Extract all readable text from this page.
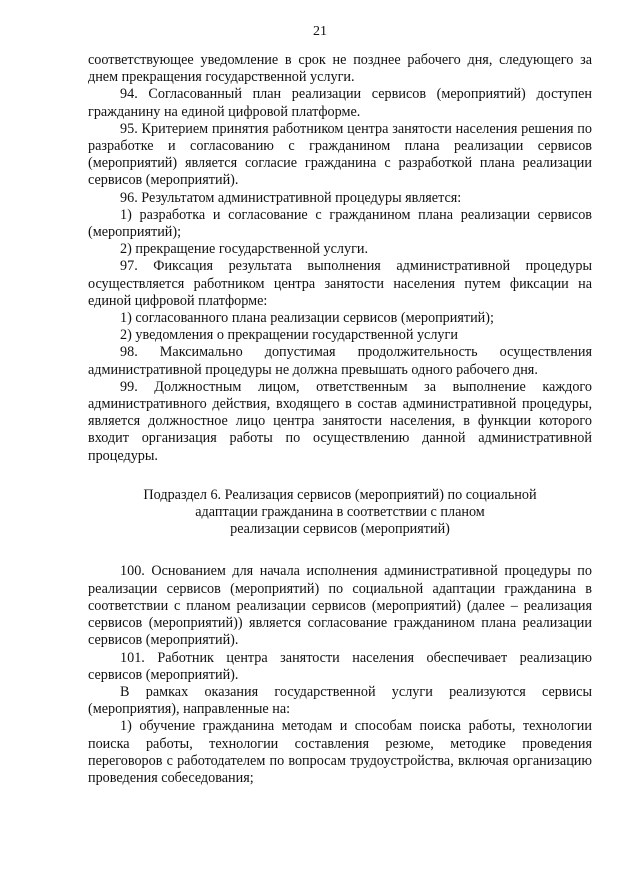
21

соответствующее уведомление в срок не позднее рабочего дня, следующего за днем прекращения государственной услуги.

94. Согласованный план реализации сервисов (мероприятий) доступен гражданину на единой цифровой платформе.

95. Критерием принятия работником центра занятости населения решения по разработке и согласованию с гражданином плана реализации сервисов (мероприятий) является согласие гражданина с разработкой плана реализации сервисов (мероприятий).

96. Результатом административной процедуры является:

1) разработка и согласование с гражданином плана реализации сервисов (мероприятий);

2) прекращение государственной услуги.

97. Фиксация результата выполнения административной процедуры осуществляется работником центра занятости населения путем фиксации на единой цифровой платформе:

1) согласованного плана реализации сервисов (мероприятий);

2) уведомления о прекращении государственной услуги

98. Максимально допустимая продолжительность осуществления административной процедуры не должна превышать одного рабочего дня.

99. Должностным лицом, ответственным за выполнение каждого административного действия, входящего в состав административной процедуры, является должностное лицо центра занятости населения, в функции которого входит организация работы по осуществлению данной административной процедуры.

Подраздел 6. Реализация сервисов (мероприятий) по социальной
адаптации гражданина в соответствии с планом
реализации сервисов (мероприятий)

100. Основанием для начала исполнения административной процедуры по реализации сервисов (мероприятий) по социальной адаптации гражданина в соответствии с планом реализации сервисов (мероприятий) (далее – реализация сервисов (мероприятий)) является согласование гражданином плана реализации сервисов (мероприятий).

101. Работник центра занятости населения обеспечивает реализацию сервисов (мероприятий).

В рамках оказания государственной услуги реализуются сервисы (мероприятия), направленные на:

1) обучение гражданина методам и способам поиска работы, технологии поиска работы, технологии составления резюме, методике проведения переговоров с работодателем по вопросам трудоустройства, включая организацию проведения собеседования;
